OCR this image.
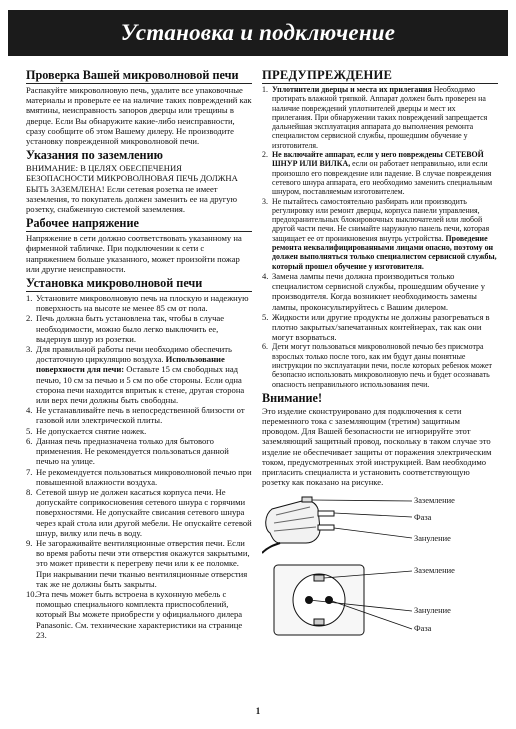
Установка и подключение
Проверка Вашей микроволновой печи

Распакуйте микроволновую печь, удалите все упаковочные материалы и проверьте ее на наличие таких повреждений как вмятины, неисправность запоров дверцы или трещины в дверце. Если Вы обнаружите какие-либо неисправности, сразу сообщите об этом Вашему дилеру. Не производите установку поврежденной микроволновой печи.

Указания по заземлению

ВНИМАНИЕ: В ЦЕЛЯХ ОБЕСПЕЧЕНИЯ БЕЗОПАСНОСТИ МИКРОВОЛНОВАЯ ПЕЧЬ ДОЛЖНА БЫТЬ ЗАЗЕМЛЕНА! Если сетевая розетка не имеет заземления, то покупатель должен заменить ее на другую розетку, снабженную системой заземления.

Рабочее напряжение

Напряжение в сети должно соответствовать указанному на фирменной табличке. При подключении к сети с напряжением больше указанного, может произойти пожар или другие неисправности.

Установка микроволновой печи
1. Установите микроволновую печь на плоскую и надежную поверхность на высоте не менее 85 см от пола.
2. Печь должна быть установлена так, чтобы в случае необходимости, можно было легко выключить ее, выдернув шнур из розетки.
3. Для правильной работы печи необходимо обеспечить достаточную циркуляцию воздуха. Использование поверхности для печи: Оставьте 15 см свободных над печью, 10 см за печью и 5 см по обе стороны. Если одна сторона печи находится впритык к стене, другая сторона или верх печи должны быть свободны.
4. Не устанавливайте печь в непосредственной близости от газовой или электрической плиты.
5. Не допускается снятие ножек.
6. Данная печь предназначена только для бытового применения. Не рекомендуется пользоваться данной печью на улице.
7. Не рекомендуется пользоваться микроволновой печью при повышенной влажности воздуха.
8. Сетевой шнур не должен касаться корпуса печи. Не допускайте соприкосновения сетевого шнура с горячими поверхностями. Не допускайте свисания сетевого шнура через край стола или другой мебели. Не опускайте сетевой шнур, вилку или печь в воду.
9. Не загораживайте вентиляционные отверстия печи. Если во время работы печи эти отверстия окажутся закрытыми, это может привести к перегреву печи или к ее поломке. При накрывании печи тканью вентиляционные отверстия так же не должны быть закрыты.
10. Эта печь может быть встроена в кухонную мебель с помощью специального комплекта приспособлений, который Вы можете приобрести у официального дилера Panasonic. См. технические характеристики на странице 23.
ПРЕДУПРЕЖДЕНИЕ
1. Уплотнители дверцы и места их прилегания Необходимо протирать влажной тряпкой. Аппарат должен быть проверен на наличие повреждений уплотнителей дверцы и мест их прилегания. При обнаружении таких повреждений запрещается дальнейшая эксплуатация аппарата до выполнения ремонта специалистом сервисной службы, прошедшим обучение у изготовителя.
2. Не включайте аппарат, если у него повреждены СЕТЕВОЙ ШНУР ИЛИ ВИЛКА, если он работает неправильно, или если произошло его повреждение или падение. В случае повреждения сетевого шнура аппарата, его необходимо заменить специальным шнуром, поставляемым изготовителем.
3. Не пытайтесь самостоятельно разбирать или производить регулировку или ремонт дверцы, корпуса панели управления, предохранительных блокировочных выключателей или любой другой части печи. Не снимайте наружную панель печи, которая защищает ее от проникновения внутрь устройства. Проведение ремонта неквалифицированными лицами опасно, поэтому он должен выполняться только специалистом сервисной службы, который прошел обучение у изготовителя.
4. Замена лампы печи должна производиться только специалистом сервисной службы, прошедшим обучение у производителя. Когда возникнет необходимость замены лампы, проконсультируйтесь с Вашим дилером.
5. Жидкости или другие продукты не должны разогреваться в плотно закрытых/запечатанных контейнерах, так как они могут взорваться.
6. Дети могут пользоваться микроволновой печью без присмотра взрослых только после того, как им будут даны понятные инструкции по эксплуатации печи, после которых ребенок может безопасно использовать микроволновую печь и будет осознавать опасность неправильного использования печи.
Внимание!

Это изделие сконструировано для подключения к сети переменного тока с заземляющим (третим) защитным проводом. Для Вашей безопасности не игнорируйте этот заземляющий защитный провод, поскольку в таком случае это изделие не обеспечивает защиты от поражения электрическим током, предусмотренных этой инструкцией. Вам необходимо пригласить специалиста и установить соответствующую розетку как показано на рисунке.

Заземление
Фаза
Зануление
Заземление
Зануление
Фаза
1
